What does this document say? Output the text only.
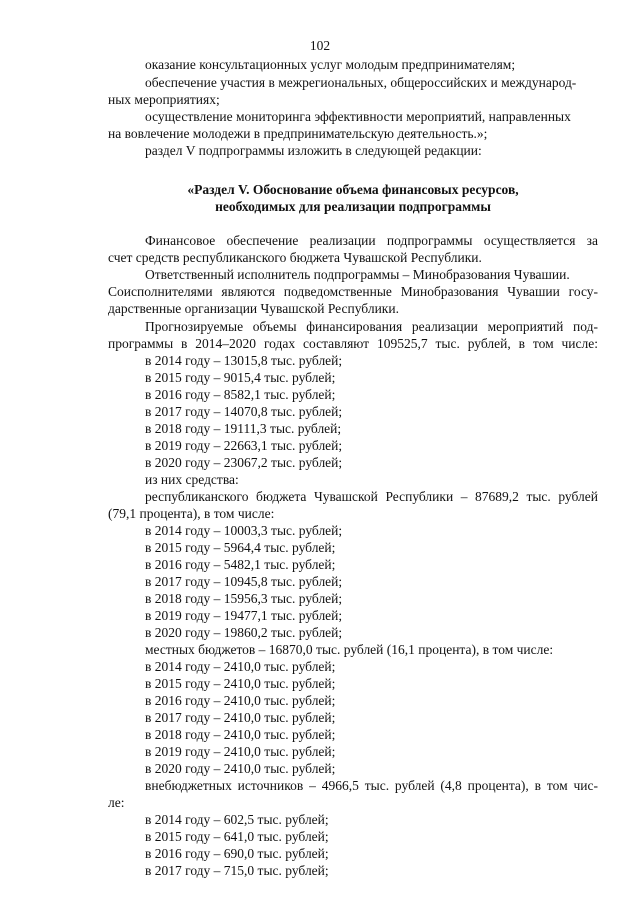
102
оказание консультационных услуг молодым предпринимателям;
обеспечение участия в межрегиональных, общероссийских и международ-
ных мероприятиях;
осуществление мониторинга эффективности мероприятий, направленных
на вовлечение молодежи в предпринимательскую деятельность.»;
раздел V подпрограммы изложить в следующей редакции:
«Раздел V. Обоснование объема финансовых ресурсов,
необходимых для реализации подпрограммы
Финансовое обеспечение реализации подпрограммы осуществляется за
счет средств республиканского бюджета Чувашской Республики.
Ответственный исполнитель подпрограммы – Минобразования Чувашии.
Соисполнителями являются подведомственные Минобразования Чувашии госу-
дарственные организации Чувашской Республики.
Прогнозируемые объемы финансирования реализации мероприятий под-
программы в 2014–2020 годах составляют 109525,7 тыс. рублей, в том числе:
в 2014 году – 13015,8 тыс. рублей;
в 2015 году – 9015,4 тыс. рублей;
в 2016 году – 8582,1 тыс. рублей;
в 2017 году – 14070,8 тыс. рублей;
в 2018 году – 19111,3 тыс. рублей;
в 2019 году – 22663,1 тыс. рублей;
в 2020 году – 23067,2 тыс. рублей;
из них средства:
республиканского бюджета Чувашской Республики – 87689,2 тыс. рублей
(79,1 процента), в том числе:
в 2014 году – 10003,3 тыс. рублей;
в 2015 году – 5964,4 тыс. рублей;
в 2016 году – 5482,1 тыс. рублей;
в 2017 году – 10945,8 тыс. рублей;
в 2018 году – 15956,3 тыс. рублей;
в 2019 году – 19477,1 тыс. рублей;
в 2020 году – 19860,2 тыс. рублей;
местных бюджетов – 16870,0 тыс. рублей (16,1 процента), в том числе:
в 2014 году – 2410,0 тыс. рублей;
в 2015 году – 2410,0 тыс. рублей;
в 2016 году – 2410,0 тыс. рублей;
в 2017 году – 2410,0 тыс. рублей;
в 2018 году – 2410,0 тыс. рублей;
в 2019 году – 2410,0 тыс. рублей;
в 2020 году – 2410,0 тыс. рублей;
внебюджетных источников – 4966,5 тыс. рублей (4,8 процента), в том чис-
ле:
в 2014 году – 602,5 тыс. рублей;
в 2015 году – 641,0 тыс. рублей;
в 2016 году – 690,0 тыс. рублей;
в 2017 году – 715,0 тыс. рублей;
